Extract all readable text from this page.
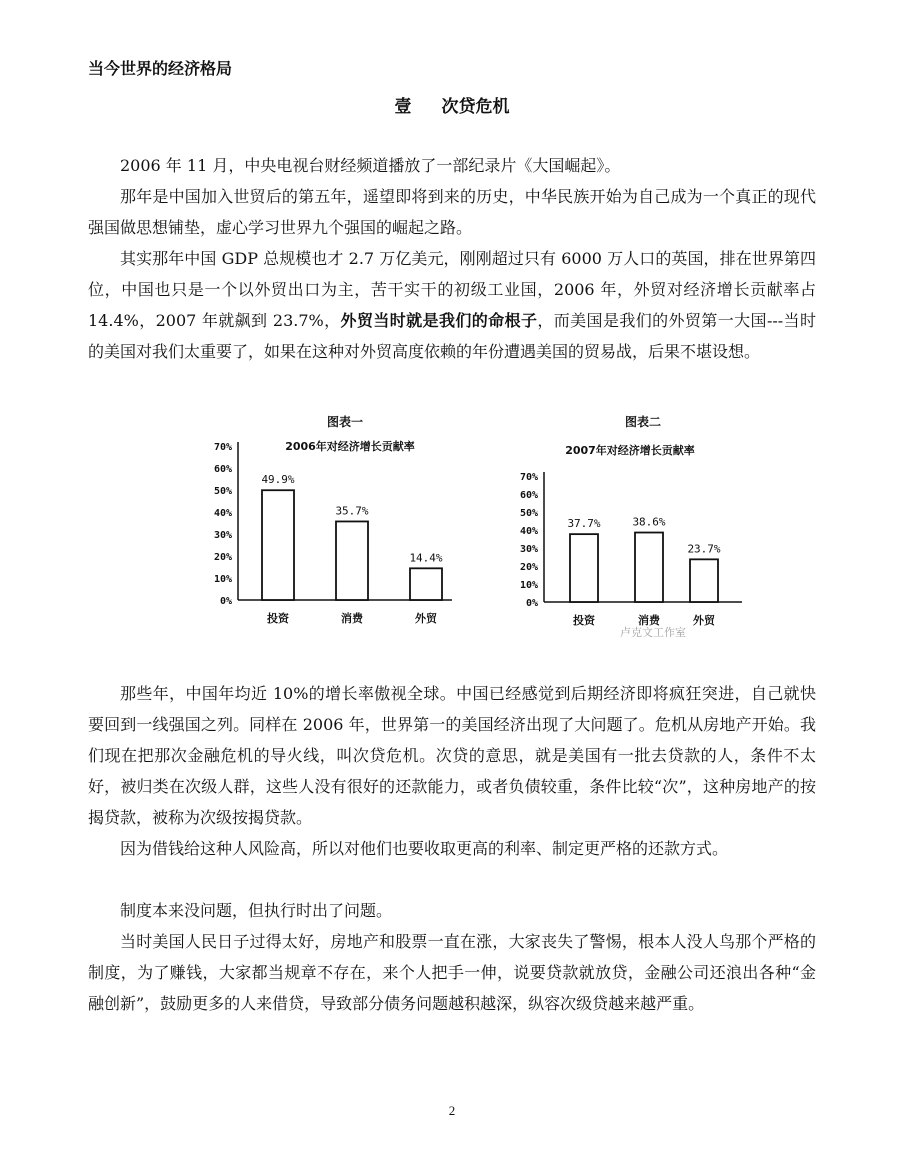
当今世界的经济格局
壹 次贷危机

2006 年 11 月，中央电视台财经频道播放了一部纪录片《大国崛起》。

那年是中国加入世贸后的第五年，遥望即将到来的历史，中华民族开始为自己成为一个真正的现代强国做思想铺垫，虚心学习世界九个强国的崛起之路。

其实那年中国 GDP 总规模也才 2.7 万亿美元，刚刚超过只有 6000 万人口的英国，排在世界第四位，中国也只是一个以外贸出口为主，苦干实干的初级工业国，2006 年，外贸对经济增长贡献率占 14.4%，2007 年就飙到 23.7%，外贸当时就是我们的命根子，而美国是我们的外贸第一大国---当时的美国对我们太重要了，如果在这种对外贸高度依赖的年份遭遇美国的贸易战，后果不堪设想。

图表一
2006年对经济增长贡献率
0%
10%
20%
30%
40%
50%
60%
70%
49.9%
投资
35.7%
消费
14.4%
外贸
图表二
2007年对经济增长贡献率
0%
10%
20%
30%
40%
50%
60%
70%
37.7%
投资
38.6%
消费
23.7%
外贸
卢克文工作室

那些年，中国年均近 10%的增长率傲视全球。中国已经感觉到后期经济即将疯狂突进，自己就快要回到一线强国之列。同样在 2006 年，世界第一的美国经济出现了大问题了。危机从房地产开始。我们现在把那次金融危机的导火线，叫次贷危机。次贷的意思，就是美国有一批去贷款的人，条件不太好，被归类在次级人群，这些人没有很好的还款能力，或者负债较重，条件比较“次”，这种房地产的按揭贷款，被称为次级按揭贷款。

因为借钱给这种人风险高，所以对他们也要收取更高的利率、制定更严格的还款方式。

制度本来没问题，但执行时出了问题。

当时美国人民日子过得太好，房地产和股票一直在涨，大家丧失了警惕，根本人没人鸟那个严格的制度，为了赚钱，大家都当规章不存在，来个人把手一伸，说要贷款就放贷，金融公司还浪出各种“金融创新”，鼓励更多的人来借贷，导致部分债务问题越积越深，纵容次级贷越来越严重。

2
